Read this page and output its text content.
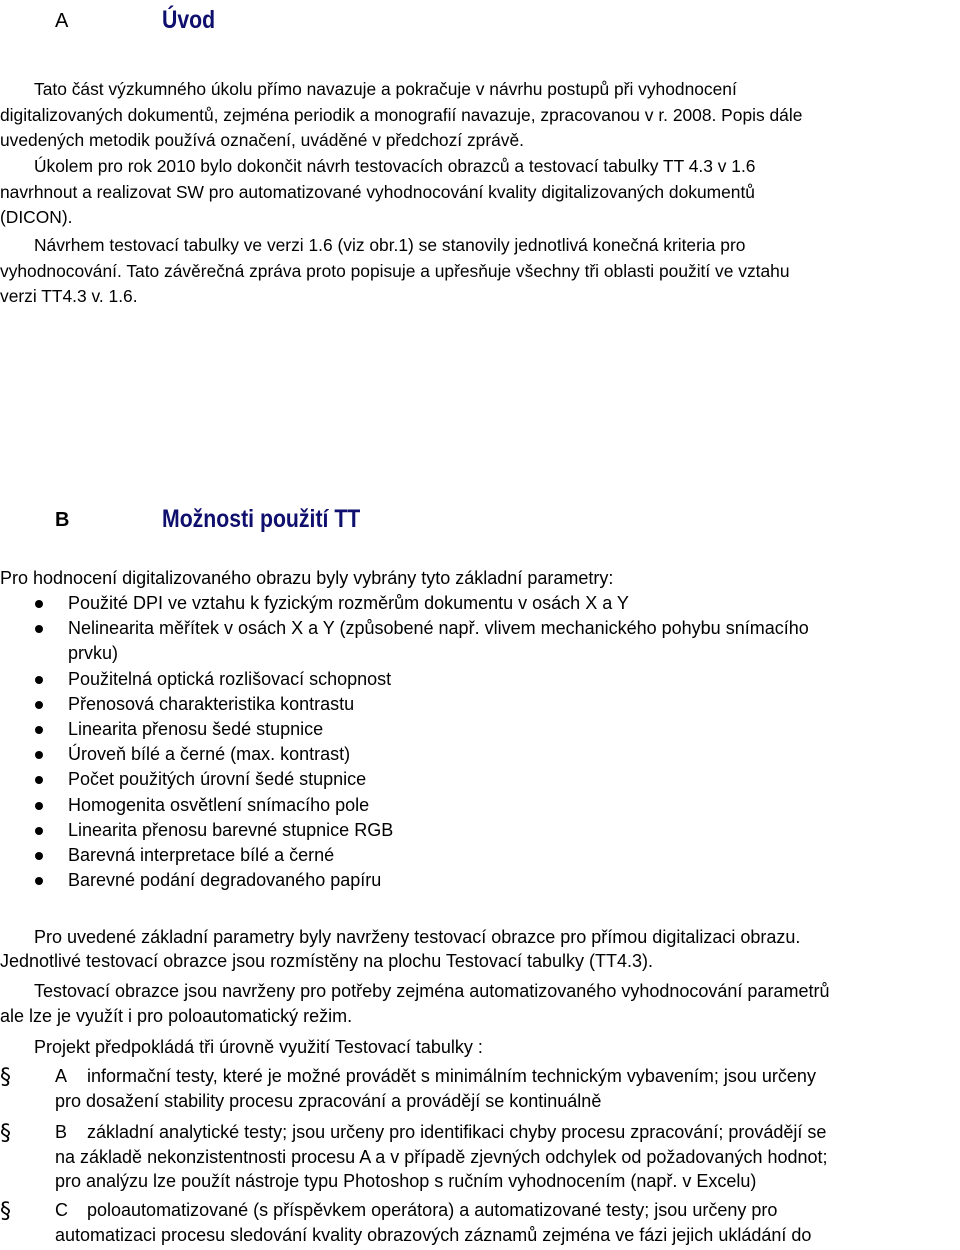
A	Úvod
Tato část výzkumného úkolu přímo navazuje a pokračuje v návrhu postupů při vyhodnocení
digitalizovaných dokumentů, zejména periodik a monografií navazuje, zpracovanou v r. 2008. Popis dále
uvedených metodik používá označení, uváděné v předchozí zprávě.
Úkolem pro rok 2010 bylo dokončit návrh testovacích obrazců a testovací tabulky TT 4.3 v 1.6
navrhnout a realizovat SW pro automatizované vyhodnocování kvality digitalizovaných dokumentů
(DICON).
Návrhem testovací tabulky ve verzi 1.6 (viz obr.1) se stanovily jednotlivá konečná kriteria pro
vyhodnocování. Tato závěrečná zpráva proto popisuje a upřesňuje všechny tři oblasti použití ve vztahu
verzi TT4.3 v. 1.6.
B	Možnosti použití TT
Pro hodnocení digitalizovaného obrazu byly vybrány tyto základní parametry:
Použité DPI ve vztahu k fyzickým rozměrům dokumentu v osách X a Y
Nelinearita měřítek v osách X a Y (způsobené např. vlivem mechanického pohybu snímacího
prvku)
Použitelná optická rozlišovací schopnost
Přenosová charakteristika kontrastu
Linearita přenosu šedé stupnice
Úroveň bílé a černé (max. kontrast)
Počet použitých úrovní šedé stupnice
Homogenita osvětlení snímacího pole
Linearita přenosu barevné stupnice RGB
Barevná interpretace bílé a černé
Barevné podání degradovaného papíru
Pro uvedené základní parametry byly navrženy testovací obrazce pro přímou digitalizaci obrazu.
Jednotlivé testovací obrazce jsou rozmístěny na plochu Testovací tabulky (TT4.3).
Testovací obrazce jsou navrženy pro potřeby zejména automatizovaného vyhodnocování parametrů
ale lze je využít i pro poloautomatický režim.
Projekt předpokládá tři úrovně využití Testovací tabulky :
§ A informační testy, které je možné provádět s minimálním technickým vybavením; jsou určeny
pro dosažení stability procesu zpracování a provádějí se kontinuálně
§ B základní analytické testy; jsou určeny pro identifikaci chyby procesu zpracování; provádějí se
na základě nekonzistentnosti procesu A a v případě zjevných odchylek od požadovaných hodnot;
pro analýzu lze použít nástroje typu Photoshop s ručním vyhodnocením (např. v Excelu)
§ C poloautomatizované (s příspěvkem operátora) a automatizované testy; jsou určeny pro
automatizaci procesu sledování kvality obrazových záznamů zejména ve fázi jejich ukládání do
